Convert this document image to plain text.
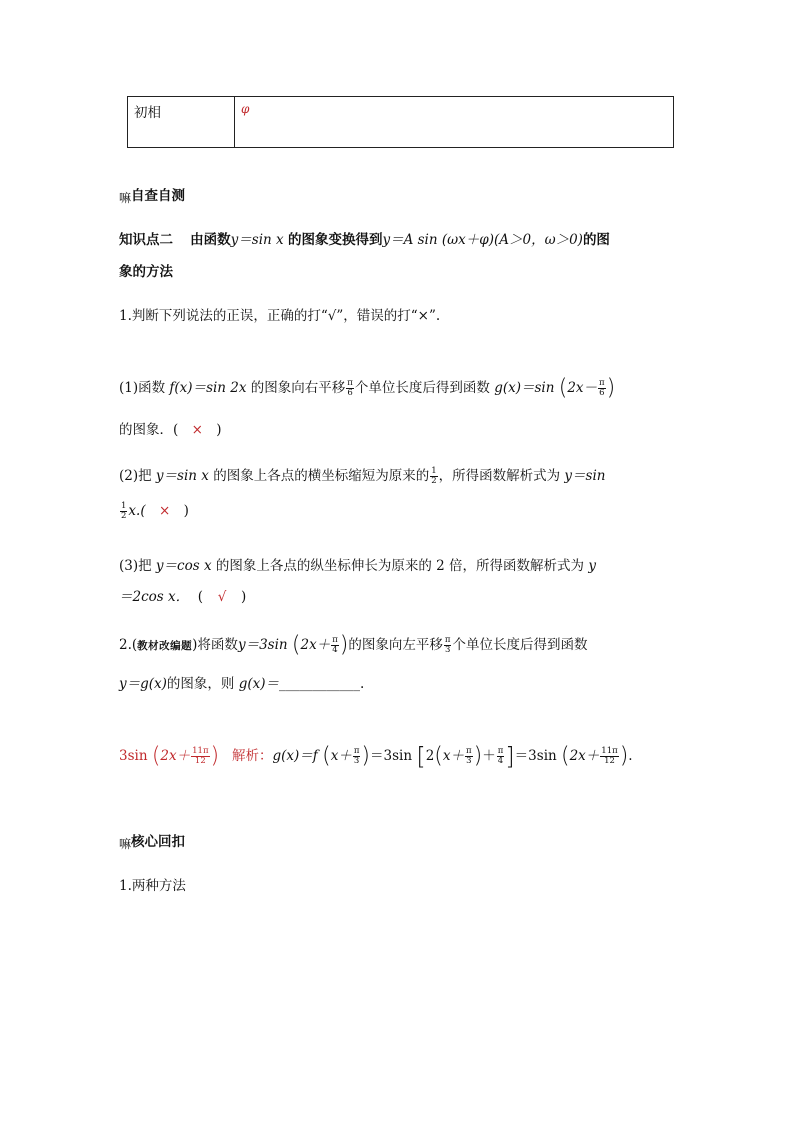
初相	φ
嘛自查自测
知识点二 由函数y＝sin x 的图象变换得到y＝A sin (ωx＋φ)(A＞0，ω＞0)的图
象的方法
1.判断下列说法的正误，正确的打“√”，错误的打“×”.
(1)函数 f(x)＝sin 2x 的图象向右平移 $\frac{\pi}{6}$ 个单位长度后得到函数 g(x)＝sin ($2x- \frac{\pi}{6}$ )
的图象．( × )
(2)把 y＝sin x 的图象上各点的横坐标缩短为原来的 $\frac{1}{2}$ ，所得函数解析式为 y＝sin
$\frac{1}{2} x$.( × )
(3)把 y＝cos x 的图象上各点的纵坐标伸长为原来的 2 倍，所得函数解析式为 y
＝2cos x． ( √ )
2.(教材改编题)将函数y＝3sin ($2x+ \frac{\pi}{4}$ )的图象向左平移 $\frac{\pi}{3}$ 个单位长度后得到函数
y＝g(x)的图象，则 g(x)＝____________.
3sin ($2x+ \frac{11\pi}{12}$ ) 解析：g(x)＝f $(x+ \frac{\pi}{3} )=3\sin$ [$2(x+ \frac{\pi}{3}$ )＋ $\frac{\pi}{4} ]=3\sin$ ($2x+ \frac{11\pi}{12}$ ).
嘛核心回扣
1.两种方法
